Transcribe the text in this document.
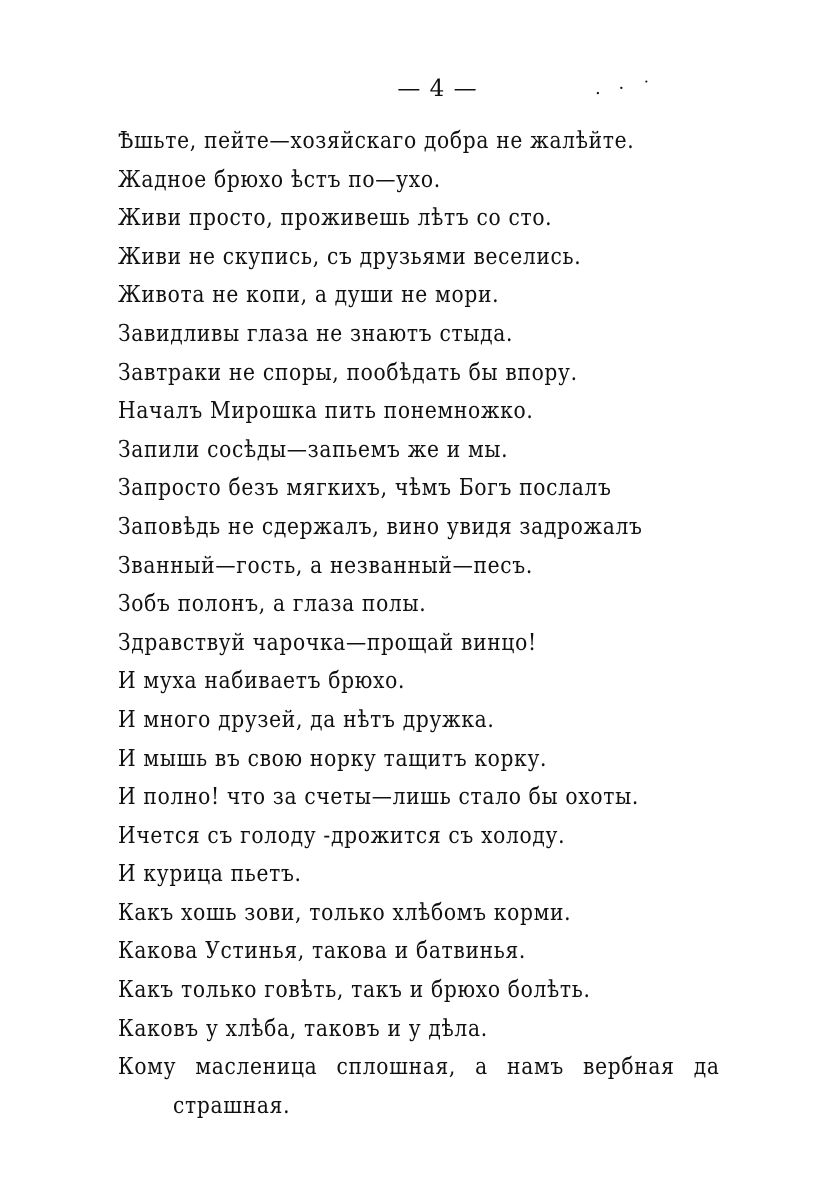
— 4 —	. · ˙
Ѣшьте, пейте—хозяйскаго добра не жалѣйте.
Жадное брюхо ѣстъ по—ухо.
Живи просто, проживешь лѣтъ со сто.
Живи не скупись, съ друзьями веселись.
Живота не копи, а души не мори.
Завидливы глаза не знаютъ стыда.
Завтраки не споры, пообѣдать бы впору.
Началъ Мирошка пить понемножко.
Запили сосѣды—запьемъ же и мы.
Запросто безъ мягкихъ, чѣмъ Богъ послалъ
Заповѣдь не сдержалъ, вино увидя задрожалъ
Званный—гость, а незванный—песъ.
Зобъ полонъ, а глаза полы.
Здравствуй чарочка—прощай винцо!
И муха набиваетъ брюхо.
И много друзей, да нѣтъ дружка.
И мышь въ свою норку тащитъ корку.
И полно! что за счеты—лишь стало бы охоты.
Ичется съ голоду -дрожится съ холоду.
И курица пьетъ.
Какъ хошь зови, только хлѣбомъ корми.
Какова Устинья, такова и батвинья.
Какъ только говѣть, такъ и брюхо болѣть.
Каковъ у хлѣба, таковъ и у дѣла.
Кому масленица сплошная, а намъ вербная да
страшная.
